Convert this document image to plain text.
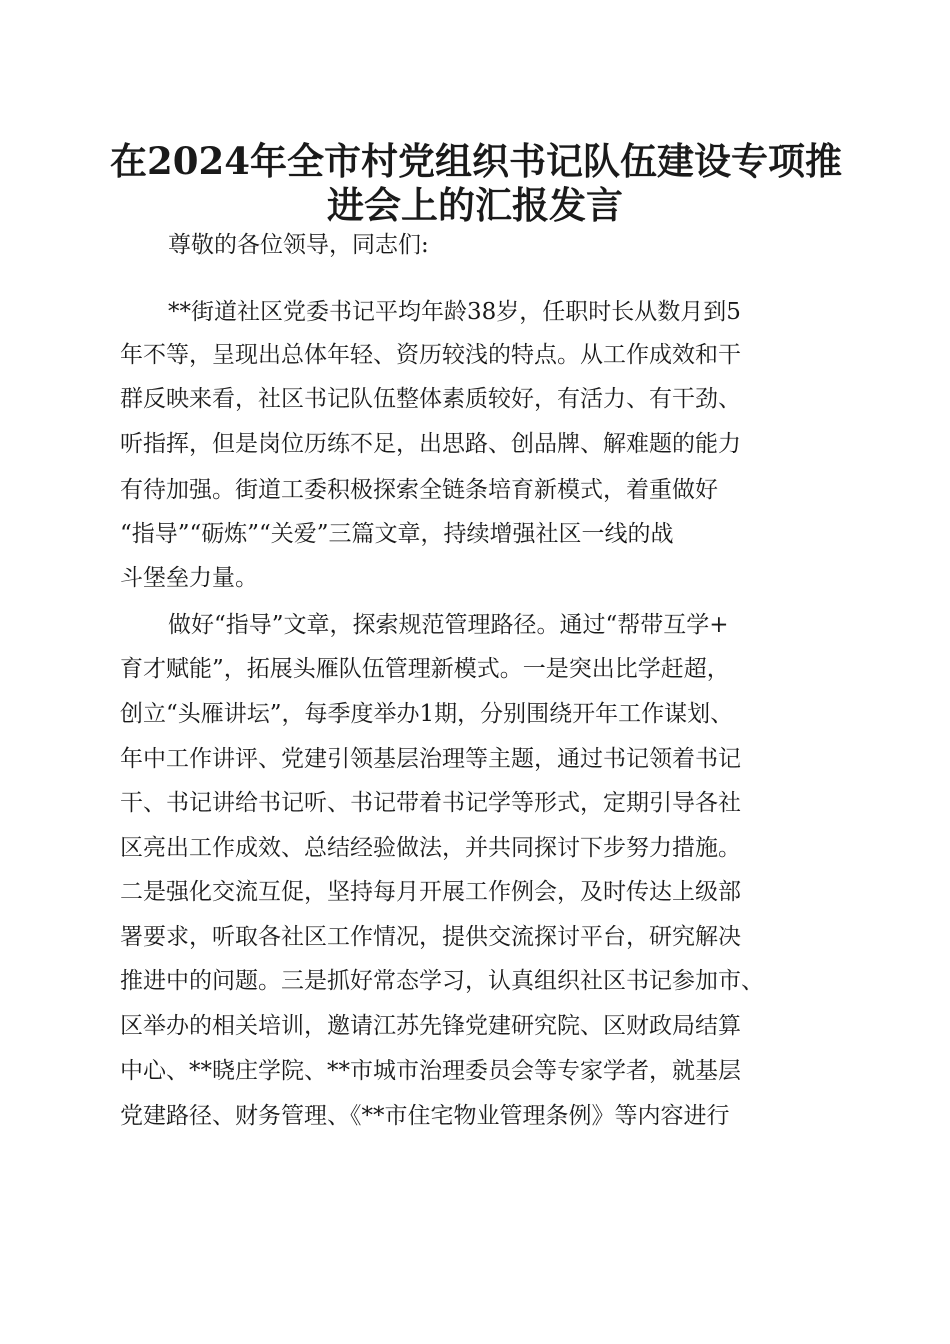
在2024年全市村党组织书记队伍建设专项推
进会上的汇报发言
尊敬的各位领导，同志们:
**街道社区党委书记平均年龄38岁，任职时长从数月到5
年不等，呈现出总体年轻、资历较浅的特点。从工作成效和干
群反映来看，社区书记队伍整体素质较好，有活力、有干劲、
听指挥，但是岗位历练不足，出思路、创品牌、解难题的能力
有待加强。街道工委积极探索全链条培育新模式，着重做好
“指导”“砺炼”“关爱”三篇文章，持续增强社区一线的战
斗堡垒力量。
做好“指导”文章，探索规范管理路径。通过“帮带互学+
育才赋能”，拓展头雁队伍管理新模式。一是突出比学赶超，
创立“头雁讲坛”，每季度举办1期，分别围绕开年工作谋划、
年中工作讲评、党建引领基层治理等主题，通过书记领着书记
干、书记讲给书记听、书记带着书记学等形式，定期引导各社
区亮出工作成效、总结经验做法，并共同探讨下步努力措施。
二是强化交流互促，坚持每月开展工作例会，及时传达上级部
署要求，听取各社区工作情况，提供交流探讨平台，研究解决
推进中的问题。三是抓好常态学习，认真组织社区书记参加市、
区举办的相关培训，邀请江苏先锋党建研究院、区财政局结算
中心、**晓庄学院、**市城市治理委员会等专家学者，就基层
党建路径、财务管理、《**市住宅物业管理条例》等内容进行
